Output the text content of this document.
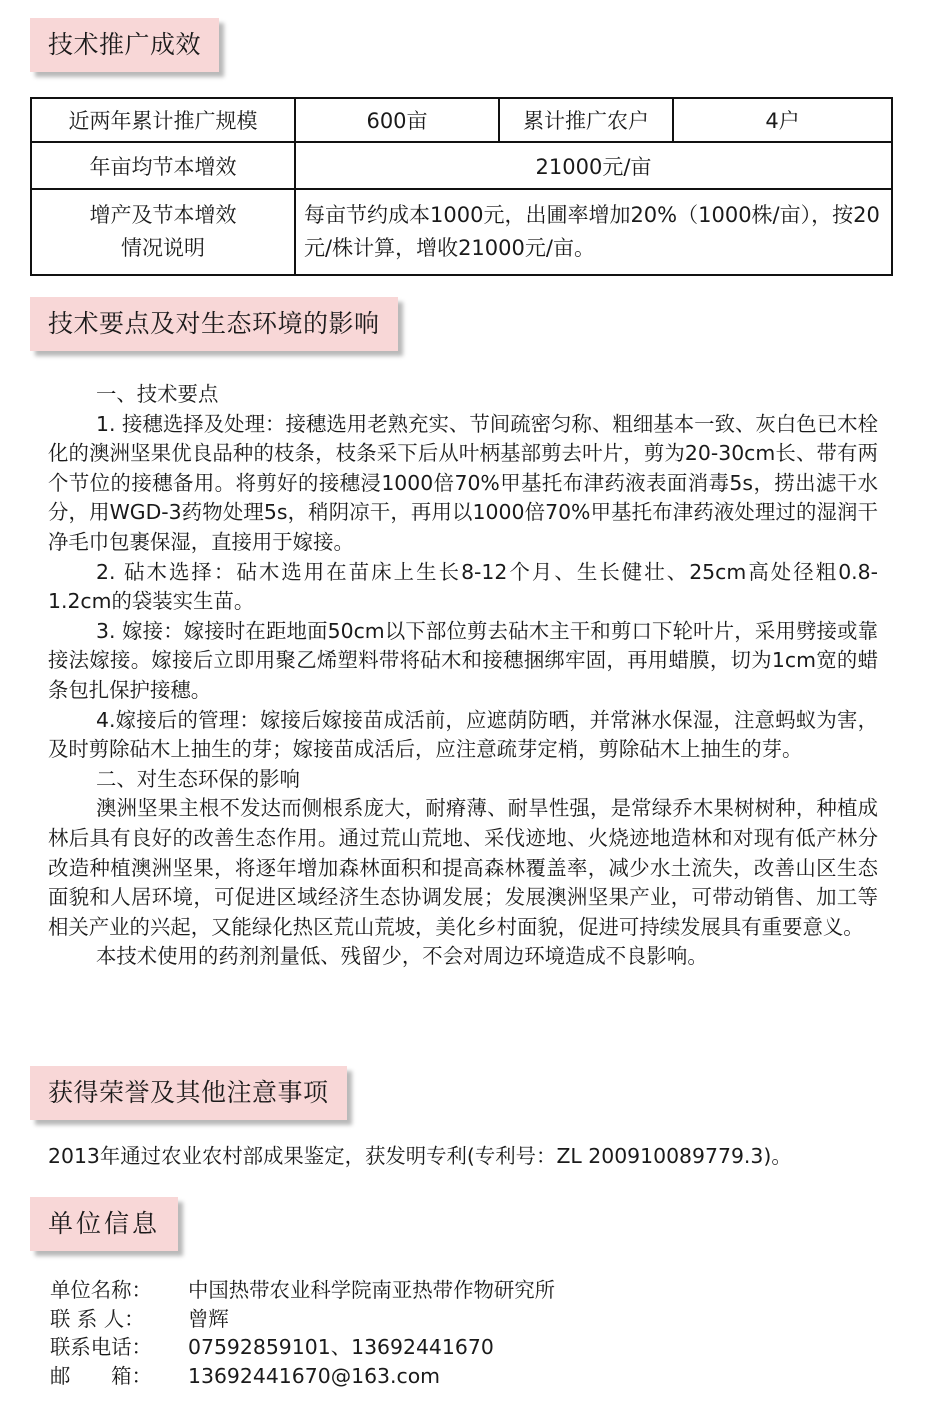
技术推广成效
近两年累计推广规模	600亩	累计推广农户	4户
年亩均节本增效	21000元/亩		
增产及节本增效
情况说明	每亩节约成本1000元，出圃率增加20%（1000株/亩），按20元/株计算，增收21000元/亩。		
技术要点及对生态环境的影响

一、技术要点

1. 接穗选择及处理：接穗选用老熟充实、节间疏密匀称、粗细基本一致、灰白色已木栓化的澳洲坚果优良品种的枝条，枝条采下后从叶柄基部剪去叶片，剪为20-30cm长、带有两个节位的接穗备用。将剪好的接穗浸1000倍70%甲基托布津药液表面消毒5s，捞出滤干水分，用WGD-3药物处理5s，稍阴凉干，再用以1000倍70%甲基托布津药液处理过的湿润干净毛巾包裹保湿，直接用于嫁接。

2. 砧木选择：砧木选用在苗床上生长8-12个月、生长健壮、25cm高处径粗0.8-1.2cm的袋装实生苗。

3. 嫁接：嫁接时在距地面50cm以下部位剪去砧木主干和剪口下轮叶片，采用劈接或靠接法嫁接。嫁接后立即用聚乙烯塑料带将砧木和接穗捆绑牢固，再用蜡膜，切为1cm宽的蜡条包扎保护接穗。

4.嫁接后的管理：嫁接后嫁接苗成活前，应遮荫防晒，并常淋水保湿，注意蚂蚁为害，及时剪除砧木上抽生的芽；嫁接苗成活后，应注意疏芽定梢，剪除砧木上抽生的芽。

二、对生态环保的影响

澳洲坚果主根不发达而侧根系庞大，耐瘠薄、耐旱性强，是常绿乔木果树树种，种植成林后具有良好的改善生态作用。通过荒山荒地、采伐迹地、火烧迹地造林和对现有低产林分改造种植澳洲坚果，将逐年增加森林面积和提高森林覆盖率，减少水土流失，改善山区生态面貌和人居环境，可促进区域经济生态协调发展；发展澳洲坚果产业，可带动销售、加工等相关产业的兴起，又能绿化热区荒山荒坡，美化乡村面貌，促进可持续发展具有重要意义。

本技术使用的药剂剂量低、残留少，不会对周边环境造成不良影响。

获得荣誉及其他注意事项
2013年通过农业农村部成果鉴定，获发明专利(专利号：ZL 200910089779.3)。
单位信息
单位名称：	中国热带农业科学院南亚热带作物研究所
联 系 人：	曾辉
联系电话：	07592859101、13692441670
邮　　箱：	13692441670@163.com
